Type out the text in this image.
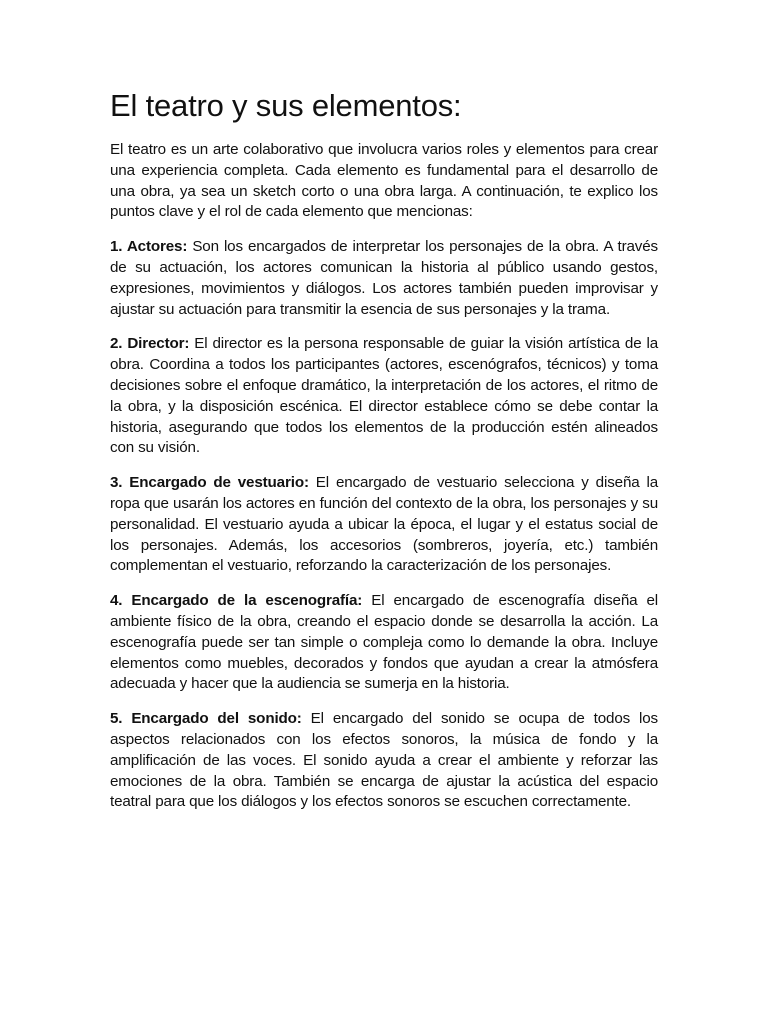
El teatro y sus elementos:

El teatro es un arte colaborativo que involucra varios roles y elementos para crear una experiencia completa. Cada elemento es fundamental para el desarrollo de una obra, ya sea un sketch corto o una obra larga. A continuación, te explico los puntos clave y el rol de cada elemento que mencionas:

1. Actores: Son los encargados de interpretar los personajes de la obra. A través de su actuación, los actores comunican la historia al público usando gestos, expresiones, movimientos y diálogos. Los actores también pueden improvisar y ajustar su actuación para transmitir la esencia de sus personajes y la trama.

2. Director: El director es la persona responsable de guiar la visión artística de la obra. Coordina a todos los participantes (actores, escenógrafos, técnicos) y toma decisiones sobre el enfoque dramático, la interpretación de los actores, el ritmo de la obra, y la disposición escénica. El director establece cómo se debe contar la historia, asegurando que todos los elementos de la producción estén alineados con su visión.

3. Encargado de vestuario: El encargado de vestuario selecciona y diseña la ropa que usarán los actores en función del contexto de la obra, los personajes y su personalidad. El vestuario ayuda a ubicar la época, el lugar y el estatus social de los personajes. Además, los accesorios (sombreros, joyería, etc.) también complementan el vestuario, reforzando la caracterización de los personajes.

4. Encargado de la escenografía: El encargado de escenografía diseña el ambiente físico de la obra, creando el espacio donde se desarrolla la acción. La escenografía puede ser tan simple o compleja como lo demande la obra. Incluye elementos como muebles, decorados y fondos que ayudan a crear la atmósfera adecuada y hacer que la audiencia se sumerja en la historia.

5. Encargado del sonido: El encargado del sonido se ocupa de todos los aspectos relacionados con los efectos sonoros, la música de fondo y la amplificación de las voces. El sonido ayuda a crear el ambiente y reforzar las emociones de la obra. También se encarga de ajustar la acústica del espacio teatral para que los diálogos y los efectos sonoros se escuchen correctamente.
